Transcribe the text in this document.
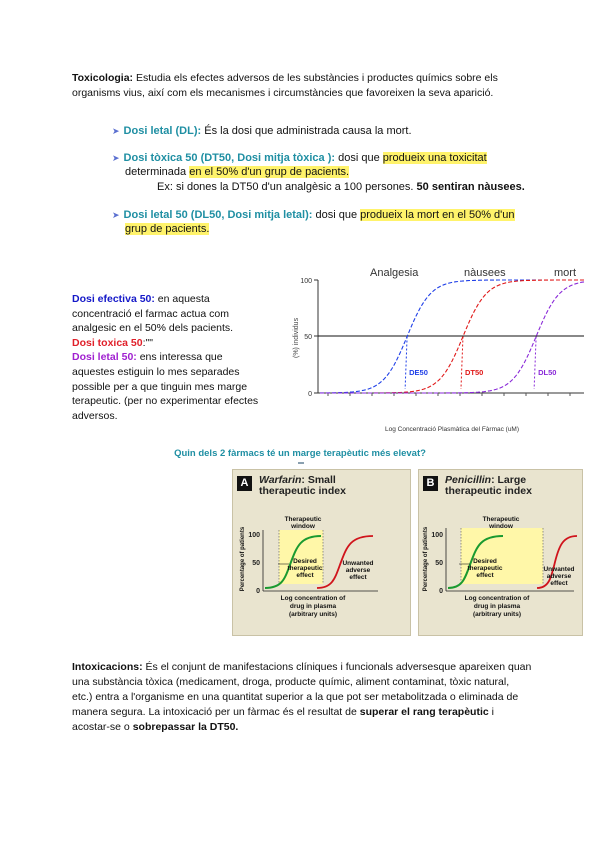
Toxicologia: Estudia els efectes adversos de les substàncies i productes químics sobre els organisms vius, així com els mecanismes i circumstàncies que favoreixen la seva aparició.
➤ Dosi letal (DL): És la dosi que administrada causa la mort.
➤ Dosi tòxica 50 (DT50, Dosi mitja tòxica ): dosi que produeix una toxicitat
determinada en el 50% d'un grup de pacients.
Ex: si dones la DT50 d'un analgèsic a 100 persones. 50 sentiran nàusees.
➤ Dosi letal 50 (DL50, Dosi mitja letal): dosi que produeix la mort en el 50% d'un
grup de pacients.
Dosi efectiva 50: en aquesta concentració el farmac actua com analgesic en el 50% dels pacients.
Dosi toxica 50:""
Dosi letal 50: ens interessa que aquestes estiguin lo mes separades possible per a que tinguin mes marge terapeutic. (per no experimentar efectes adversos.
Analgesia	nàusees	mort
100
50
0
(%) individus
DE50	DT50	DL50
Log Concentració Plasmàtica del Fàrmac (uM)
Quin dels 2 fàrmacs té un marge terapèutic més elevat?
A	Warfarin: Small
therapeutic index
100
50
0
Therapeutic
window
Desired
therapeutic
effect
Unwanted
adverse
effect
Percentage of patients
Log concentration of
drug in plasma
(arbitrary units)
B	Penicillin: Large
therapeutic index
100
50
0
Therapeutic
window
Desired
therapeutic
effect
Unwanted
adverse
effect
Percentage of patients
Log concentration of
drug in plasma
(arbitrary units)
Intoxicacions: És el conjunt de manifestacions clíniques i funcionals adversesque apareixen quan una substància tòxica (medicament, droga, producte químic, aliment contaminat, tòxic natural, etc.) entra a l'organisme en una quantitat superior a la que pot ser metabolitzada o eliminada de manera segura. La intoxicació per un fàrmac és el resultat de superar el rang terapèutic i acostar-se o sobrepassar la DT50.
